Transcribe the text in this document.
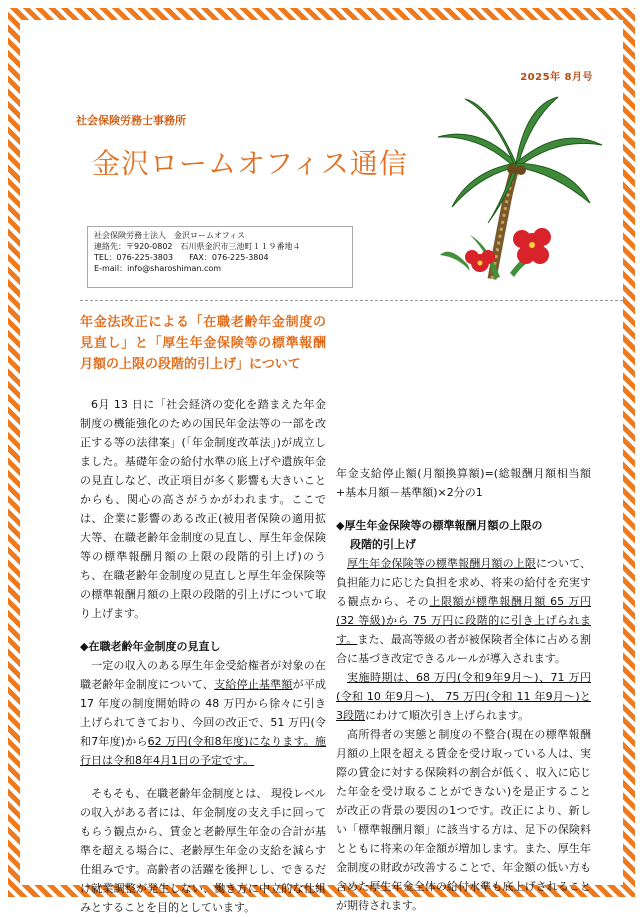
2025年 8月号
社会保険労務士事務所
金沢ロームオフィス通信
社会保険労務士法人　金沢ロームオフィス
連絡先：〒920-0802　石川県金沢市三池町１１９番地４
TEL：076-225-3803　　FAX：076-225-3804
E-mail：info@sharoshiman.com

年金法改正による「在職老齢年金制度の見直し」と「厚生年金保険等の標準報酬月額の上限の段階的引上げ」について

6月 13 日に「社会経済の変化を踏まえた年金制度の機能強化のための国民年金法等の一部を改正する等の法律案」(「年金制度改革法」)が成立しました。基礎年金の給付水準の底上げや遺族年金の見直しなど、改正項目が多く影響も大きいことからも、関心の高さがうかがわれます。ここでは、企業に影響のある改正(被用者保険の適用拡大等、在職老齢年金制度の見直し、厚生年金保険等の標準報酬月額の上限の段階的引上げ)のうち、在職老齢年金制度の見直しと厚生年金保険等の標準報酬月額の上限の段階的引上げについて取り上げます。

◆在職老齢年金制度の見直し

一定の収入のある厚生年金受給権者が対象の在職老齢年金制度について、支給停止基準額が平成 17 年度の制度開始時の 48 万円から徐々に引き上げられてきており、今回の改正で、51 万円(令和7年度)から62 万円(令和8年度)になります。施行日は令和8年4月1日の予定です。

そもそも、在職老齢年金制度とは、 現役レベルの収入がある者には、年金制度の支え手に回ってもらう観点から、賃金と老齢厚生年金の合計が基準を超える場合に、老齢厚生年金の支給を減らす仕組みです。高齢者の活躍を後押しし、できるだけ就業調整が発生しない、働き方に中立的な仕組みとすることを目的としています。

年金支給停止額(月額換算額)=(総報酬月額相当額+基本月額－基準額)×2分の1

◆厚生年金保険等の標準報酬月額の上限の
段階的引上げ

厚生年金保険等の標準報酬月額の上限について、負担能力に応じた負担を求め、将来の給付を充実する観点から、その上限額が標準報酬月額 65 万円(32 等級)から 75 万円に段階的に引き上げられます。また、最高等級の者が被保険者全体に占める割合に基づき改定できるルールが導入されます。

実施時期は、68 万円(令和9年9月～)、71 万円(令和 10 年9月～)、 75 万円(令和 11 年9月～)と3段階にわけて順次引き上げられます。

高所得者の実態と制度の不整合(現在の標準報酬月額の上限を超える賃金を受け取っている人は、実際の賃金に対する保険料の割合が低く、収入に応じた年金を受け取ることができない)を是正することが改正の背景の要因の1つです。改正により、新しい「標準報酬月額」に該当する方は、足下の保険料とともに将来の年金額が増加します。また、厚生年金制度の財政が改善することで、年金額の低い方も含めた厚生年金全体の給付水準も底上げされることが期待されます。
